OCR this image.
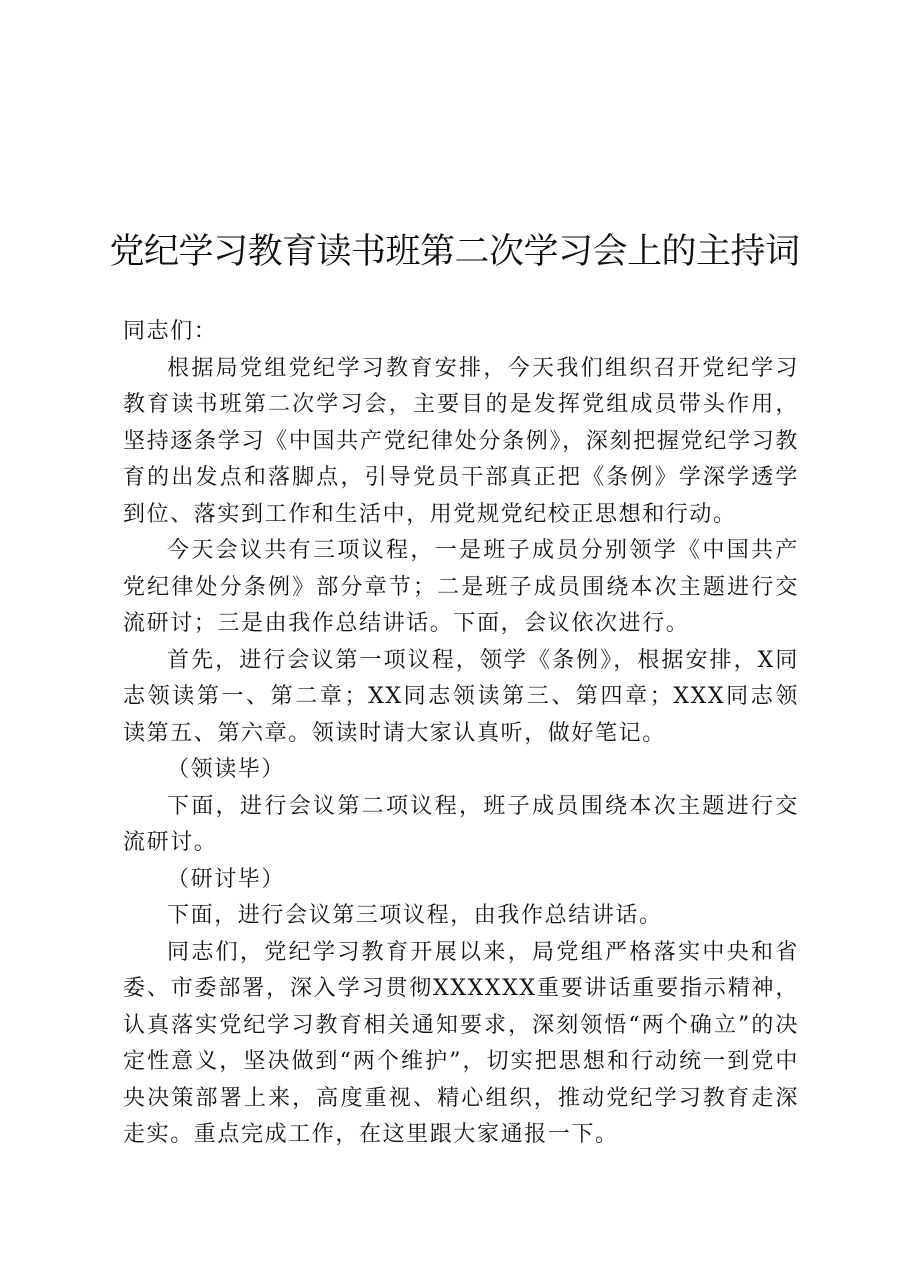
党纪学习教育读书班第二次学习会上的主持词

同志们：

根据局党组党纪学习教育安排，今天我们组织召开党纪学习教育读书班第二次学习会，主要目的是发挥党组成员带头作用，坚持逐条学习《中国共产党纪律处分条例》，深刻把握党纪学习教育的出发点和落脚点，引导党员干部真正把《条例》学深学透学到位、落实到工作和生活中，用党规党纪校正思想和行动。

今天会议共有三项议程，一是班子成员分别领学《中国共产党纪律处分条例》部分章节；二是班子成员围绕本次主题进行交流研讨；三是由我作总结讲话。下面，会议依次进行。

首先，进行会议第一项议程，领学《条例》，根据安排，X同志领读第一、第二章；XX同志领读第三、第四章；XXX同志领读第五、第六章。领读时请大家认真听，做好笔记。

（领读毕）

下面，进行会议第二项议程，班子成员围绕本次主题进行交流研讨。

（研讨毕）

下面，进行会议第三项议程，由我作总结讲话。

同志们，党纪学习教育开展以来，局党组严格落实中央和省委、市委部署，深入学习贯彻XXXXXX重要讲话重要指示精神，认真落实党纪学习教育相关通知要求，深刻领悟“两个确立”的决定性意义，坚决做到“两个维护”，切实把思想和行动统一到党中央决策部署上来，高度重视、精心组织，推动党纪学习教育走深走实。重点完成工作，在这里跟大家通报一下。
